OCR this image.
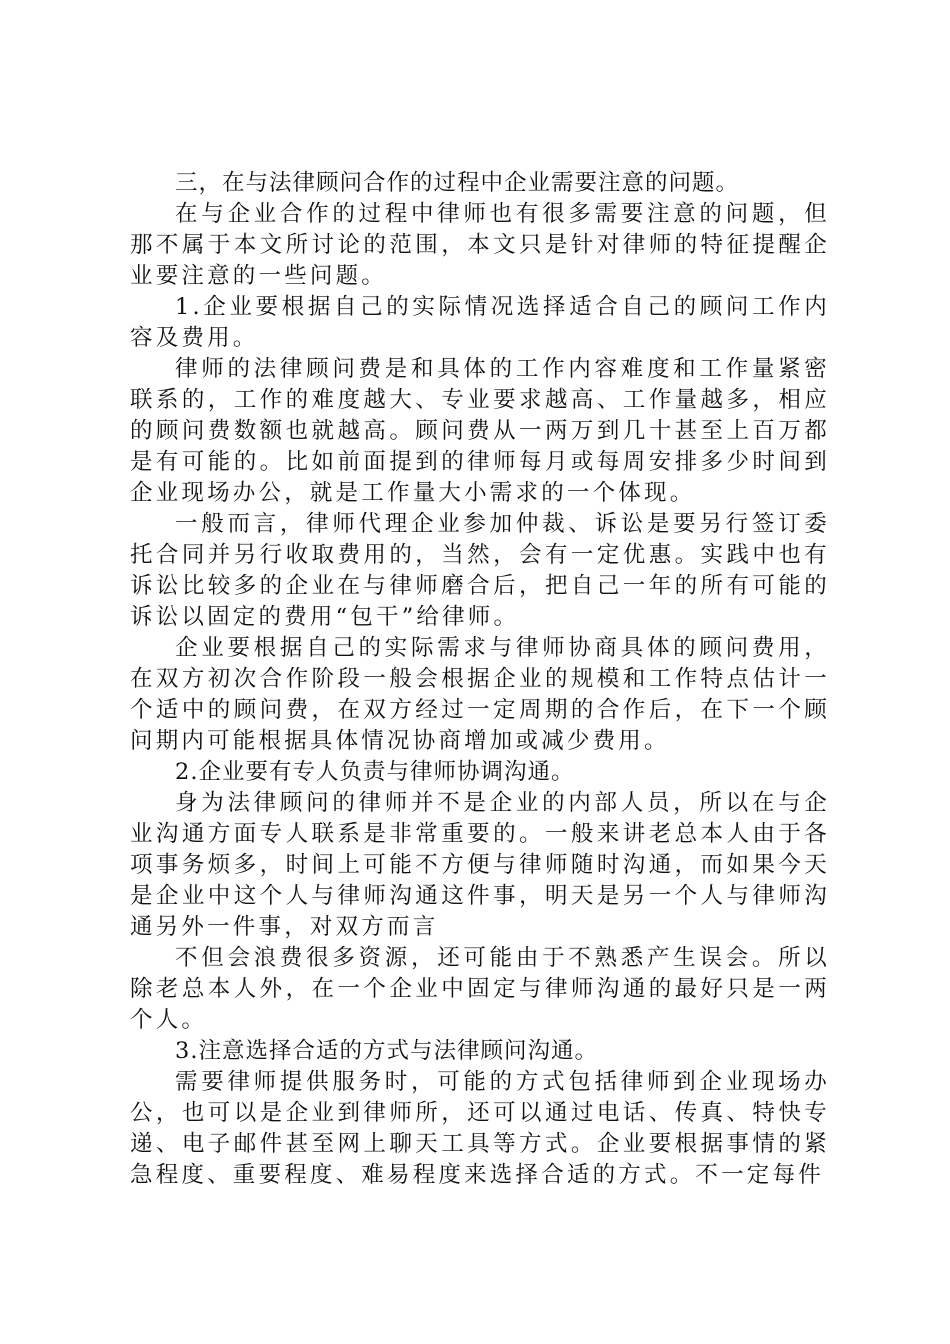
三，在与法律顾问合作的过程中企业需要注意的问题。

在与企业合作的过程中律师也有很多需要注意的问题，但那不属于本文所讨论的范围，本文只是针对律师的特征提醒企业要注意的一些问题。

1.企业要根据自己的实际情况选择适合自己的顾问工作内容及费用。

律师的法律顾问费是和具体的工作内容难度和工作量紧密联系的，工作的难度越大、专业要求越高、工作量越多，相应的顾问费数额也就越高。顾问费从一两万到几十甚至上百万都是有可能的。比如前面提到的律师每月或每周安排多少时间到企业现场办公，就是工作量大小需求的一个体现。

一般而言，律师代理企业参加仲裁、诉讼是要另行签订委托合同并另行收取费用的，当然，会有一定优惠。实践中也有诉讼比较多的企业在与律师磨合后，把自己一年的所有可能的诉讼以固定的费用“包干”给律师。

企业要根据自己的实际需求与律师协商具体的顾问费用，在双方初次合作阶段一般会根据企业的规模和工作特点估计一个适中的顾问费，在双方经过一定周期的合作后，在下一个顾问期内可能根据具体情况协商增加或减少费用。

2.企业要有专人负责与律师协调沟通。

身为法律顾问的律师并不是企业的内部人员，所以在与企业沟通方面专人联系是非常重要的。一般来讲老总本人由于各项事务烦多，时间上可能不方便与律师随时沟通，而如果今天是企业中这个人与律师沟通这件事，明天是另一个人与律师沟通另外一件事，对双方而言

不但会浪费很多资源，还可能由于不熟悉产生误会。所以除老总本人外，在一个企业中固定与律师沟通的最好只是一两个人。

3.注意选择合适的方式与法律顾问沟通。

需要律师提供服务时，可能的方式包括律师到企业现场办公，也可以是企业到律师所，还可以通过电话、传真、特快专递、电子邮件甚至网上聊天工具等方式。企业要根据事情的紧急程度、重要程度、难易程度来选择合适的方式。不一定每件
